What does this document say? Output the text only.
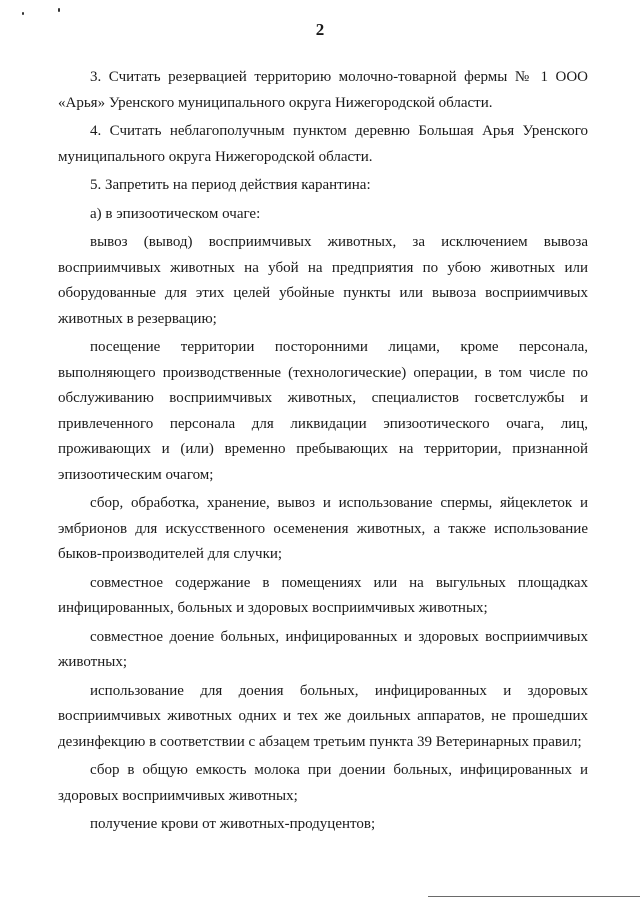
2

3. Считать резервацией территорию молочно-товарной фермы № 1 ООО «Арья» Уренского муниципального округа Нижегородской области.

4. Считать неблагополучным пунктом деревню Большая Арья Уренского муниципального округа Нижегородской области.

5. Запретить на период действия карантина:

а) в эпизоотическом очаге:

вывоз (вывод) восприимчивых животных, за исключением вывоза восприимчивых животных на убой на предприятия по убою животных или оборудованные для этих целей убойные пункты или вывоза восприимчивых животных в резервацию;

посещение территории посторонними лицами, кроме персонала, выполняющего производственные (технологические) операции, в том числе по обслуживанию восприимчивых животных, специалистов госветслужбы и привлеченного персонала для ликвидации эпизоотического очага, лиц, проживающих и (или) временно пребывающих на территории, признанной эпизоотическим очагом;

сбор, обработка, хранение, вывоз и использование спермы, яйцеклеток и эмбрионов для искусственного осеменения животных, а также использование быков-производителей для случки;

совместное содержание в помещениях или на выгульных площадках инфицированных, больных и здоровых восприимчивых животных;

совместное доение больных, инфицированных и здоровых восприимчивых животных;

использование для доения больных, инфицированных и здоровых восприимчивых животных одних и тех же доильных аппаратов, не прошедших дезинфекцию в соответствии с абзацем третьим пункта 39 Ветеринарных правил;

сбор в общую емкость молока при доении больных, инфицированных и здоровых восприимчивых животных;

получение крови от животных-продуцентов;
